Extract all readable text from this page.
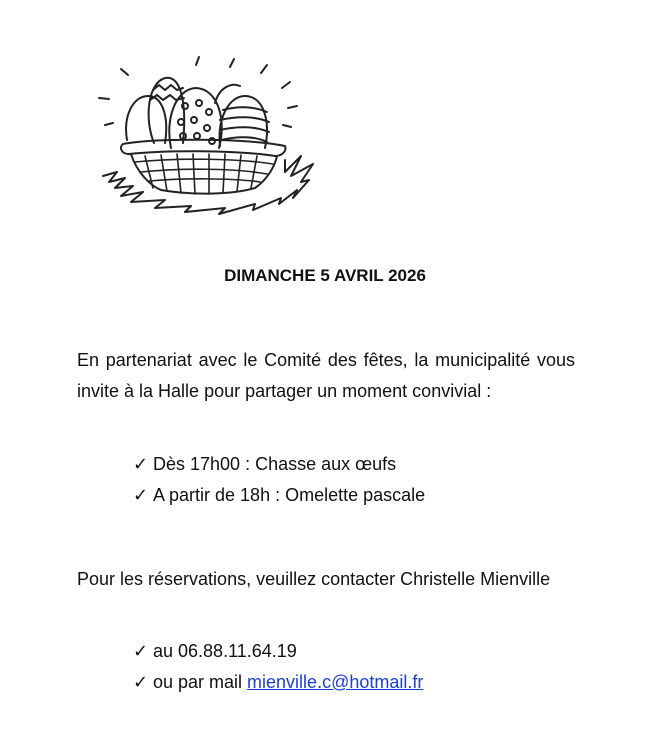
DIMANCHE 5 AVRIL 2026

En partenariat avec le Comité des fêtes, la municipalité vous invite à la Halle pour partager un moment convivial :

✓ Dès 17h00 : Chasse aux œufs
✓ A partir de 18h : Omelette pascale

Pour les réservations, veuillez contacter Christelle Mienville

✓ au 06.88.11.64.19
✓ ou par mail mienville.c@hotmail.fr
